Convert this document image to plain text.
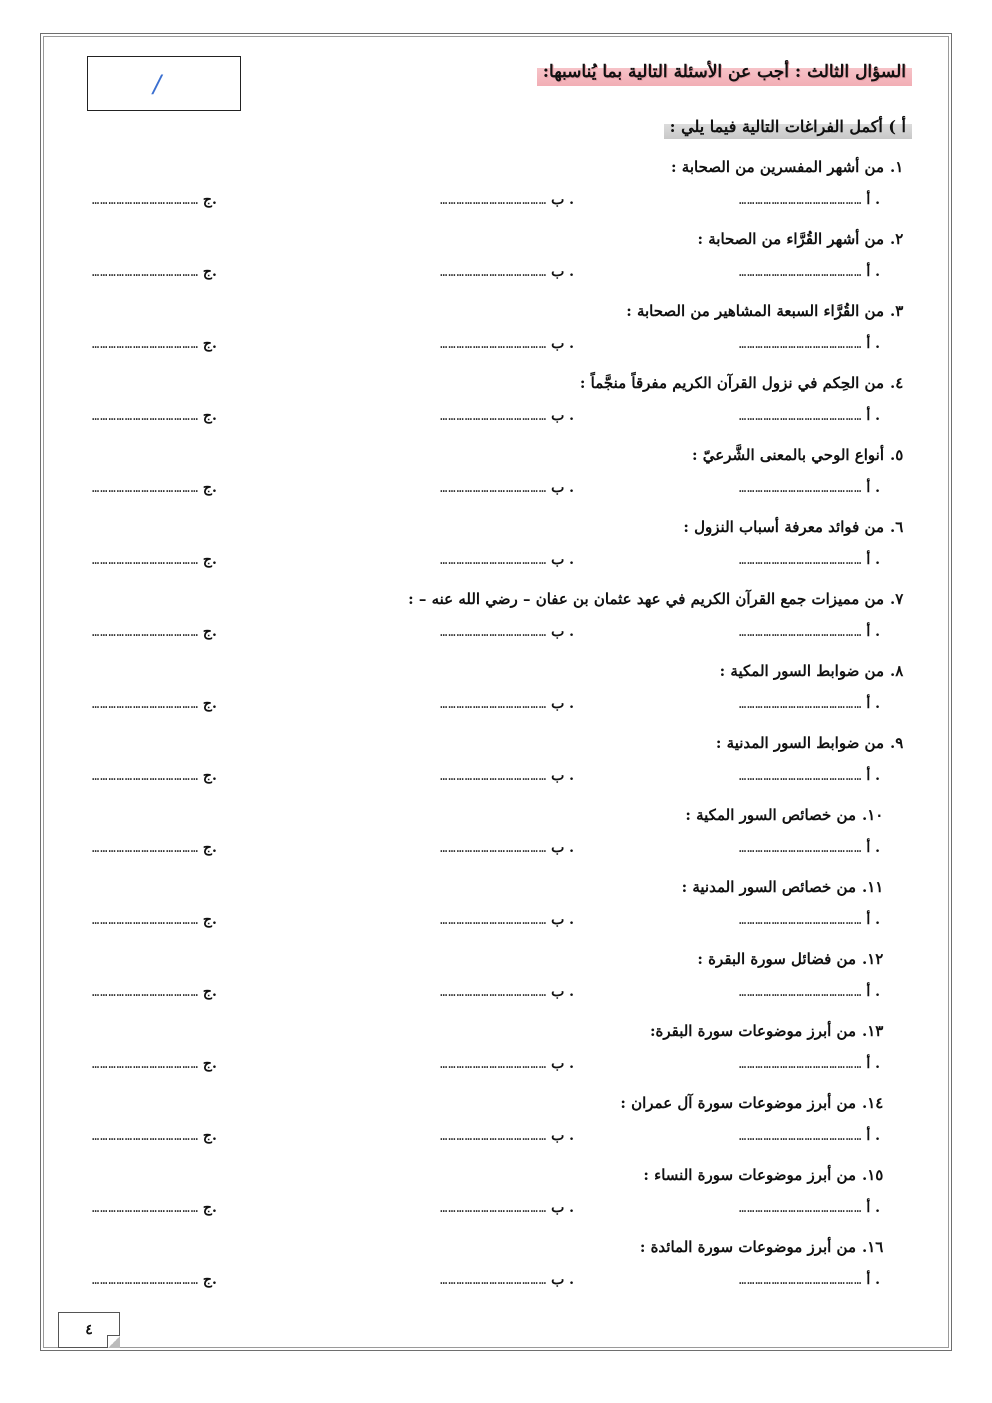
/	السؤال الثالث : أجب عن الأسئلة التالية بما يُناسبها:
أ ) أكمل الفراغات التالية فيما يلي :
١.
من أشهر المفسرين من الصحابة :
……………………………………… أ .
………………………………… ب .
………………………………… ج.
٢.
من أشهر القُرَّاء من الصحابة :
……………………………………… أ .
………………………………… ب .
………………………………… ج.
٣.
من القُرَّاء السبعة المشاهير من الصحابة :
……………………………………… أ .
………………………………… ب .
………………………………… ج.
٤.
من الحِكم في نزول القرآن الكريم مفرقاً منجَّماً :
……………………………………… أ .
………………………………… ب .
………………………………… ج.
٥.
أنواع الوحي بالمعنى الشَّرعيّ :
……………………………………… أ .
………………………………… ب .
………………………………… ج.
٦.
من فوائد معرفة أسباب النزول :
……………………………………… أ .
………………………………… ب .
………………………………… ج.
٧.
من مميزات جمع القرآن الكريم في عهد عثمان بن عفان – رضي الله عنه – :
……………………………………… أ .
………………………………… ب .
………………………………… ج.
٨.
من ضوابط السور المكية :
……………………………………… أ .
………………………………… ب .
………………………………… ج.
٩.
من ضوابط السور المدنية :
……………………………………… أ .
………………………………… ب .
………………………………… ج.
١٠.
من خصائص السور المكية :
……………………………………… أ .
………………………………… ب .
………………………………… ج.
١١.
من خصائص السور المدنية :
……………………………………… أ .
………………………………… ب .
………………………………… ج.
١٢.
من فضائل سورة البقرة :
……………………………………… أ .
………………………………… ب .
………………………………… ج.
١٣.
من أبرز موضوعات سورة البقرة:
……………………………………… أ .
………………………………… ب .
………………………………… ج.
١٤.
من أبرز موضوعات سورة آل عمران :
……………………………………… أ .
………………………………… ب .
………………………………… ج.
١٥.
من أبرز موضوعات سورة النساء :
……………………………………… أ .
………………………………… ب .
………………………………… ج.
١٦.
من أبرز موضوعات سورة المائدة :
……………………………………… أ .
………………………………… ب .
………………………………… ج.
٤
